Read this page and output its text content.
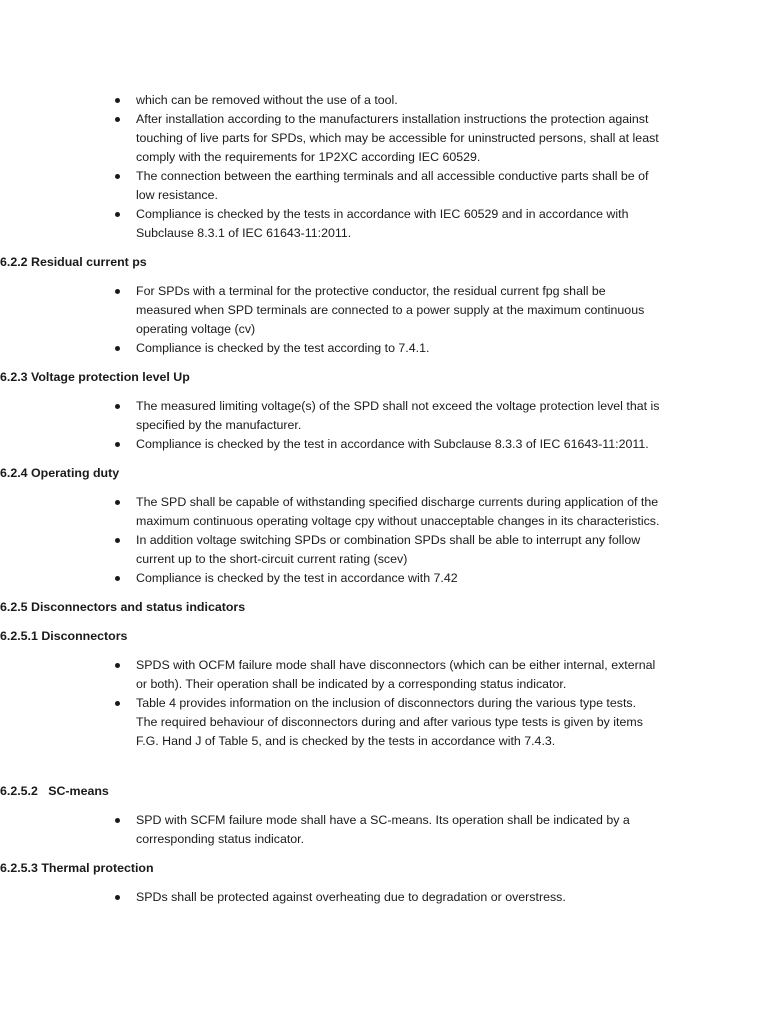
which can be removed without the use of a tool.
After installation according to the manufacturers installation instructions the protection against touching of live parts for SPDs, which may be accessible for uninstructed persons, shall at least comply with the requirements for 1P2XC according IEC 60529.
The connection between the earthing terminals and all accessible conductive parts shall be of low resistance.
Compliance is checked by the tests in accordance with IEC 60529 and in accordance with Subclause 8.3.1 of IEC 61643-11:2011.

6.2.2 Residual current ps

For SPDs with a terminal for the protective conductor, the residual current fpg shall be measured when SPD terminals are connected to a power supply at the maximum continuous operating voltage (cv)
Compliance is checked by the test according to 7.4.1.

6.2.3 Voltage protection level Up

The measured limiting voltage(s) of the SPD shall not exceed the voltage protection level that is specified by the manufacturer.
Compliance is checked by the test in accordance with Subclause 8.3.3 of IEC 61643-11:2011.

6.2.4 Operating duty

The SPD shall be capable of withstanding specified discharge currents during application of the maximum continuous operating voltage cpy without unacceptable changes in its characteristics.
In addition voltage switching SPDs or combination SPDs shall be able to interrupt any follow current up to the short-circuit current rating (scev)
Compliance is checked by the test in accordance with 7.42

6.2.5 Disconnectors and status indicators

6.2.5.1 Disconnectors

SPDS with OCFM failure mode shall have disconnectors (which can be either internal, external or both). Their operation shall be indicated by a corresponding status indicator.
Table 4 provides information on the inclusion of disconnectors during the various type tests. The required behaviour of disconnectors during and after various type tests is given by items F.G. Hand J of Table 5, and is checked by the tests in accordance with 7.4.3.

6.2.5.2   SC-means

SPD with SCFM failure mode shall have a SC-means. Its operation shall be indicated by a corresponding status indicator.

6.2.5.3 Thermal protection

SPDs shall be protected against overheating due to degradation or overstress.
